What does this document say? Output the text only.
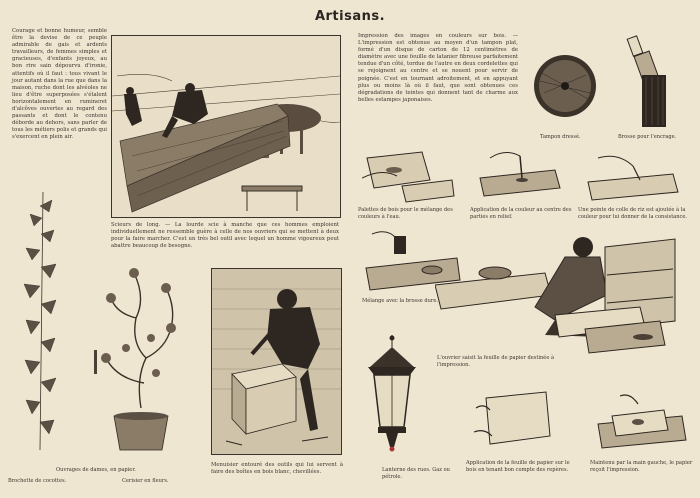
Artisans.
Courage et bonne humeur, semble être la devise de ce peuple admirable de gais et ardents travailleurs, de femmes simples et gracieuses, d'enfants joyeux, au bon rire sain dépourvu d'ironie, attentifs où il faut : tous vivant le jour autant dans la rue que dans la maison, ruche dont les alvéoles ne lieu d'être superposées s'étalent horizontalement en rumineret d'alcôves ouvertes au regard des passants et dont le contenu déborde au dehors, sans parler de tous les métiers polis et grands qui s'exercent en plein air.
Scieurs de long. — La lourde scie à manche que ces hommes emploient individuellement ne ressemble guère à celle de nos ouvriers qui se mettent à deux pour la faire marcher. C'est un très bel outil avec lequel un homme vigoureux peut abattre beaucoup de besogne.
Ouvrages de dames, en papier.
Brochette de cocottes.	Cerisier en fleurs.
Menuisier entouré des outils qui lui servent à faire des boîtes en bois blanc, chevillées.
Impression des images en couleurs sur bois. — L'impression est obtenue au moyen d'un tampon plat, formé d'un disque de carton de 12 centimètres de diamètre avec une feuille de latanier fibreuse parfaitement tendue d'un côté, tordue de l'autre en deux cordelettes qui se rejoignent au centre et se nouent pour servir de poignée. C'est en tournant adroitement, et en appuyant plus ou moins là où il faut, que sont obtenues ces dégradations de teintes qui donnent tant de charme aux belles estampes japonaises.
Tampon dressé.	Brosse pour l'encrage.
Palettes de bois pour le mélange des couleurs à l'eau.
Application de la couleur au centre des parties en relief.
Une pointe de colle de riz est ajoutée à la couleur pour lui donner de la consistance.
Mélange avec la brosse dure.
L'ouvrier saisit la feuille de papier destinée à l'impression.
Lanterne des rues. Gaz ou pétrole.
Application de la feuille de papier sur le bois en tenant bon compte des repères.
Maintenu par la main gauche, le papier reçoit l'impression.
